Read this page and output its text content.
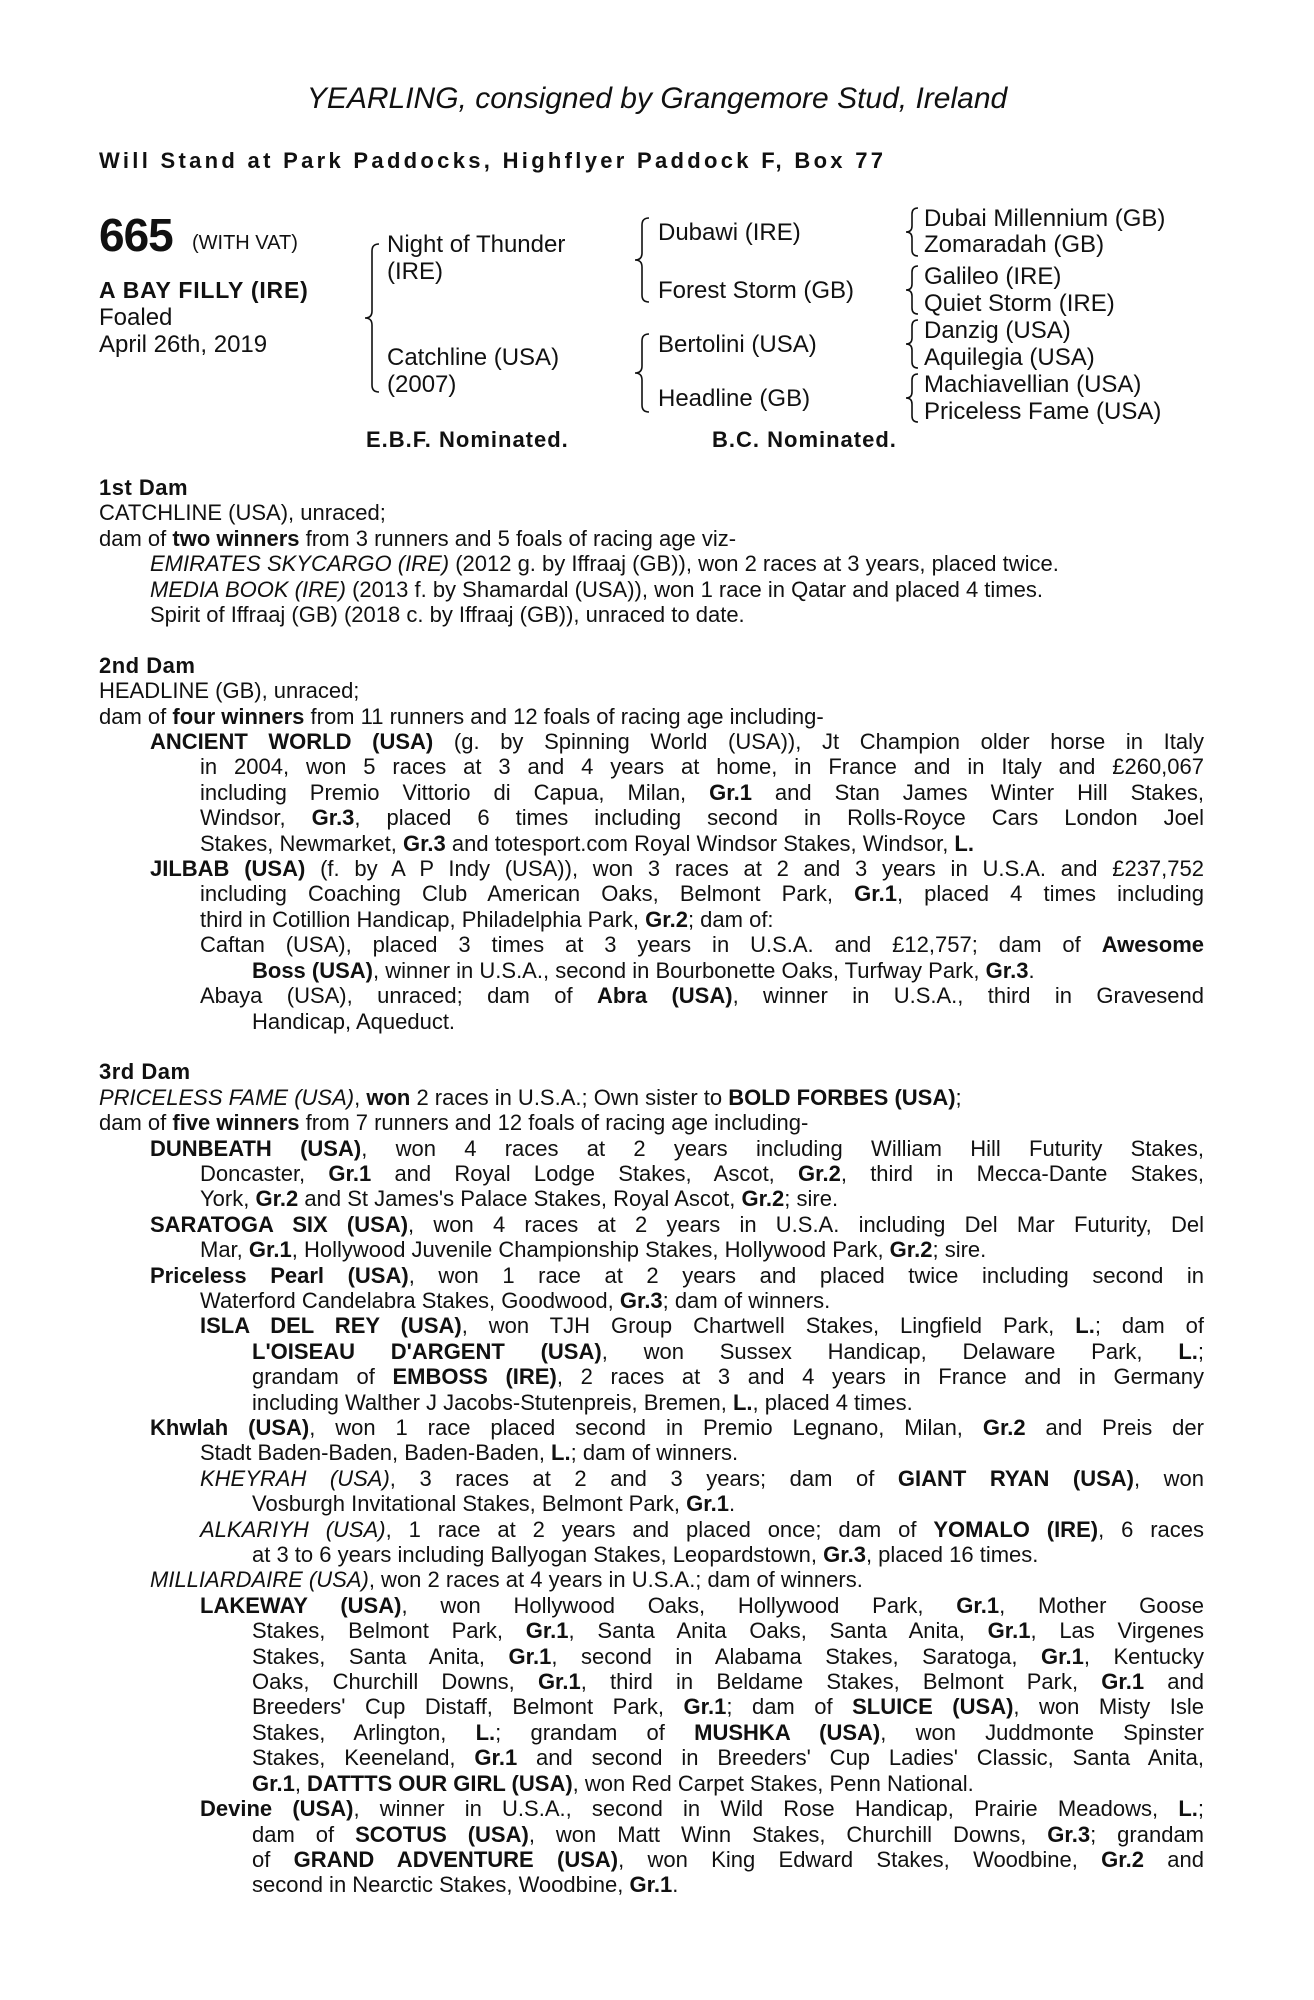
YEARLING, consigned by Grangemore Stud, Ireland
Will Stand at Park Paddocks, Highflyer Paddock F, Box 77
665 (WITH VAT)
A BAY FILLY (IRE)
Foaled
April 26th, 2019
Night of Thunder
(IRE)
Catchline (USA)
(2007)
Dubawi (IRE)
Forest Storm (GB)
Bertolini (USA)
Headline (GB)
Dubai Millennium (GB)
Zomaradah (GB)
Galileo (IRE)
Quiet Storm (IRE)
Danzig (USA)
Aquilegia (USA)
Machiavellian (USA)
Priceless Fame (USA)
E.B.F. Nominated.	B.C. Nominated.
1st Dam
CATCHLINE (USA), unraced;
dam of two winners from 3 runners and 5 foals of racing age viz-
EMIRATES SKYCARGO (IRE) (2012 g. by Iffraaj (GB)), won 2 races at 3 years, placed twice.
MEDIA BOOK (IRE) (2013 f. by Shamardal (USA)), won 1 race in Qatar and placed 4 times.
Spirit of Iffraaj (GB) (2018 c. by Iffraaj (GB)), unraced to date.
2nd Dam
HEADLINE (GB), unraced;
dam of four winners from 11 runners and 12 foals of racing age including-
ANCIENT WORLD (USA) (g. by Spinning World (USA)), Jt Champion older horse in Italy
in 2004, won 5 races at 3 and 4 years at home, in France and in Italy and £260,067
including Premio Vittorio di Capua, Milan, Gr.1 and Stan James Winter Hill Stakes,
Windsor, Gr.3, placed 6 times including second in Rolls-Royce Cars London Joel
Stakes, Newmarket, Gr.3 and totesport.com Royal Windsor Stakes, Windsor, L.
JILBAB (USA) (f. by A P Indy (USA)), won 3 races at 2 and 3 years in U.S.A. and £237,752
including Coaching Club American Oaks, Belmont Park, Gr.1, placed 4 times including
third in Cotillion Handicap, Philadelphia Park, Gr.2; dam of:
Caftan (USA), placed 3 times at 3 years in U.S.A. and £12,757; dam of Awesome
Boss (USA), winner in U.S.A., second in Bourbonette Oaks, Turfway Park, Gr.3.
Abaya (USA), unraced; dam of Abra (USA), winner in U.S.A., third in Gravesend
Handicap, Aqueduct.
3rd Dam
PRICELESS FAME (USA), won 2 races in U.S.A.; Own sister to BOLD FORBES (USA);
dam of five winners from 7 runners and 12 foals of racing age including-
DUNBEATH (USA), won 4 races at 2 years including William Hill Futurity Stakes,
Doncaster, Gr.1 and Royal Lodge Stakes, Ascot, Gr.2, third in Mecca-Dante Stakes,
York, Gr.2 and St James's Palace Stakes, Royal Ascot, Gr.2; sire.
SARATOGA SIX (USA), won 4 races at 2 years in U.S.A. including Del Mar Futurity, Del
Mar, Gr.1, Hollywood Juvenile Championship Stakes, Hollywood Park, Gr.2; sire.
Priceless Pearl (USA), won 1 race at 2 years and placed twice including second in
Waterford Candelabra Stakes, Goodwood, Gr.3; dam of winners.
ISLA DEL REY (USA), won TJH Group Chartwell Stakes, Lingfield Park, L.; dam of
L'OISEAU D'ARGENT (USA), won Sussex Handicap, Delaware Park, L.;
grandam of EMBOSS (IRE), 2 races at 3 and 4 years in France and in Germany
including Walther J Jacobs-Stutenpreis, Bremen, L., placed 4 times.
Khwlah (USA), won 1 race placed second in Premio Legnano, Milan, Gr.2 and Preis der
Stadt Baden-Baden, Baden-Baden, L.; dam of winners.
KHEYRAH (USA), 3 races at 2 and 3 years; dam of GIANT RYAN (USA), won
Vosburgh Invitational Stakes, Belmont Park, Gr.1.
ALKARIYH (USA), 1 race at 2 years and placed once; dam of YOMALO (IRE), 6 races
at 3 to 6 years including Ballyogan Stakes, Leopardstown, Gr.3, placed 16 times.
MILLIARDAIRE (USA), won 2 races at 4 years in U.S.A.; dam of winners.
LAKEWAY (USA), won Hollywood Oaks, Hollywood Park, Gr.1, Mother Goose
Stakes, Belmont Park, Gr.1, Santa Anita Oaks, Santa Anita, Gr.1, Las Virgenes
Stakes, Santa Anita, Gr.1, second in Alabama Stakes, Saratoga, Gr.1, Kentucky
Oaks, Churchill Downs, Gr.1, third in Beldame Stakes, Belmont Park, Gr.1 and
Breeders' Cup Distaff, Belmont Park, Gr.1; dam of SLUICE (USA), won Misty Isle
Stakes, Arlington, L.; grandam of MUSHKA (USA), won Juddmonte Spinster
Stakes, Keeneland, Gr.1 and second in Breeders' Cup Ladies' Classic, Santa Anita,
Gr.1, DATTTS OUR GIRL (USA), won Red Carpet Stakes, Penn National.
Devine (USA), winner in U.S.A., second in Wild Rose Handicap, Prairie Meadows, L.;
dam of SCOTUS (USA), won Matt Winn Stakes, Churchill Downs, Gr.3; grandam
of GRAND ADVENTURE (USA), won King Edward Stakes, Woodbine, Gr.2 and
second in Nearctic Stakes, Woodbine, Gr.1.
